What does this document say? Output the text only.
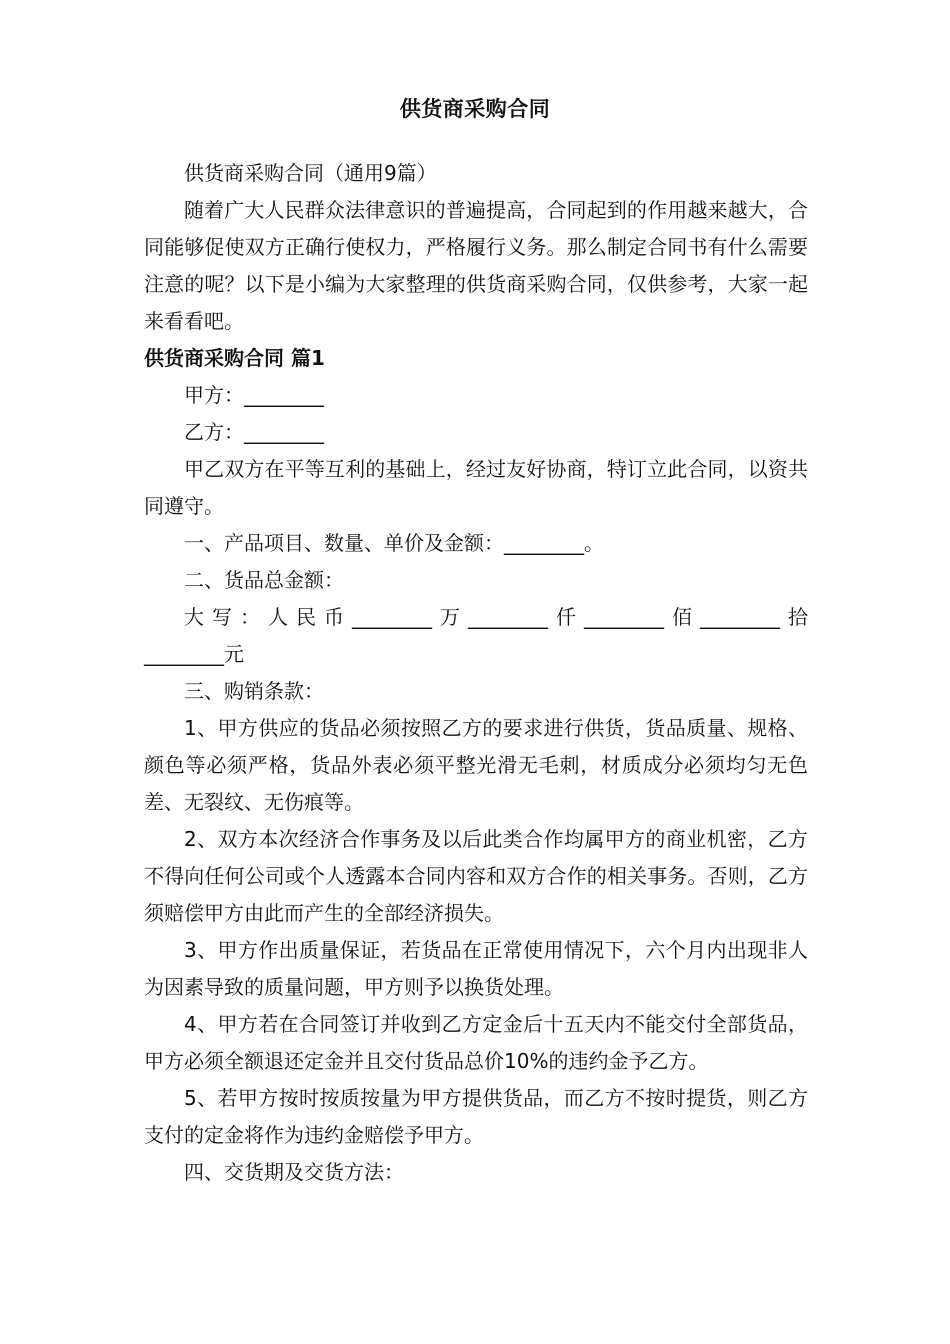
供货商采购合同

供货商采购合同（通用9篇）

随着广大人民群众法律意识的普遍提高，合同起到的作用越来越大，合同能够促使双方正确行使权力，严格履行义务。那么制定合同书有什么需要注意的呢？以下是小编为大家整理的供货商采购合同，仅供参考，大家一起来看看吧。

供货商采购合同 篇1

甲方：________

乙方：________

甲乙双方在平等互利的基础上，经过友好协商，特订立此合同，以资共同遵守。

一、产品项目、数量、单价及金额：________。

二、货品总金额：

大写：人民币________万________仟________佰________拾

________元

三、购销条款：

1、甲方供应的货品必须按照乙方的要求进行供货，货品质量、规格、颜色等必须严格，货品外表必须平整光滑无毛刺，材质成分必须均匀无色差、无裂纹、无伤痕等。

2、双方本次经济合作事务及以后此类合作均属甲方的商业机密，乙方不得向任何公司或个人透露本合同内容和双方合作的相关事务。否则，乙方须赔偿甲方由此而产生的全部经济损失。

3、甲方作出质量保证，若货品在正常使用情况下，六个月内出现非人为因素导致的质量问题，甲方则予以换货处理。

4、甲方若在合同签订并收到乙方定金后十五天内不能交付全部货品，甲方必须全额退还定金并且交付货品总价10%的违约金予乙方。

5、若甲方按时按质按量为甲方提供货品，而乙方不按时提货，则乙方支付的定金将作为违约金赔偿予甲方。

四、交货期及交货方法：
